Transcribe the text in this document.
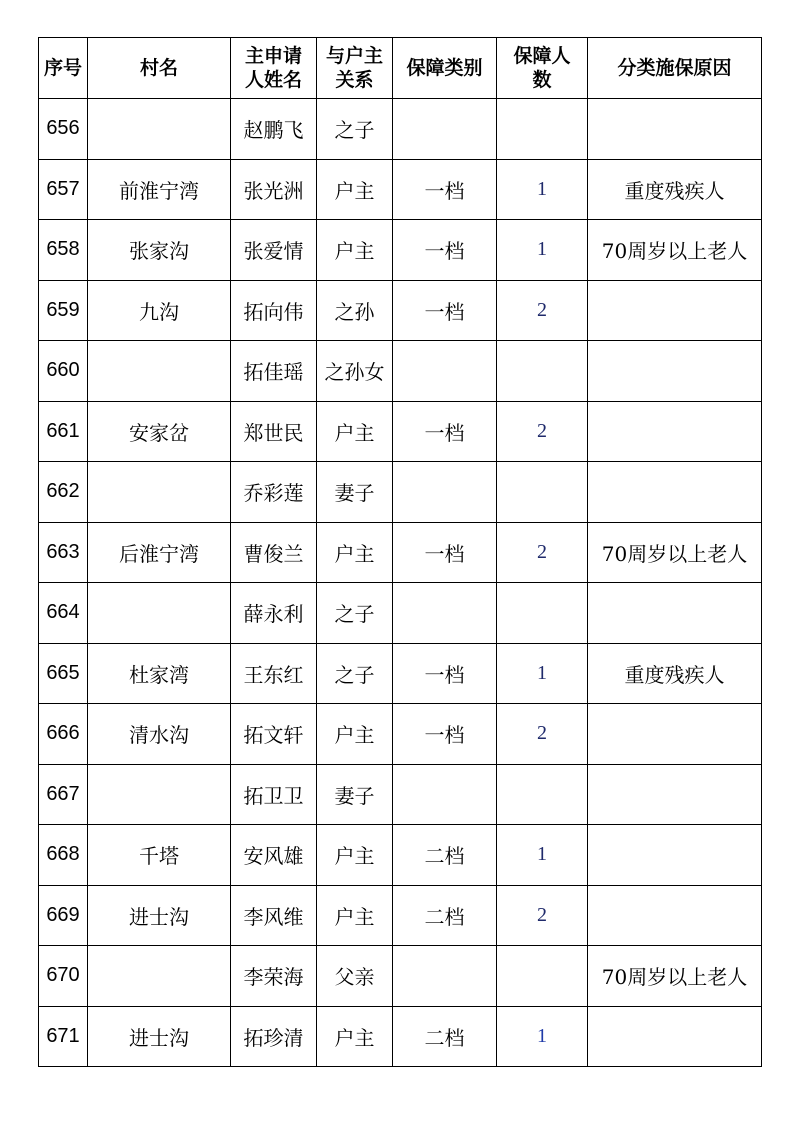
序号	村名	主申请人姓名	与户主关系	保障类别	保障人数	分类施保原因
656		赵鹏飞	之子			
657	前淮宁湾	张光洲	户主	一档	1	重度残疾人
658	张家沟	张爱情	户主	一档	1	70周岁以上老人
659	九沟	拓向伟	之孙	一档	2	
660		拓佳瑶	之孙女			
661	安家岔	郑世民	户主	一档	2	
662		乔彩莲	妻子			
663	后淮宁湾	曹俊兰	户主	一档	2	70周岁以上老人
664		薛永利	之子			
665	杜家湾	王东红	之子	一档	1	重度残疾人
666	清水沟	拓文轩	户主	一档	2	
667		拓卫卫	妻子			
668	千塔	安风雄	户主	二档	1	
669	进士沟	李风维	户主	二档	2	
670		李荣海	父亲			70周岁以上老人
671	进士沟	拓珍清	户主	二档	1	
